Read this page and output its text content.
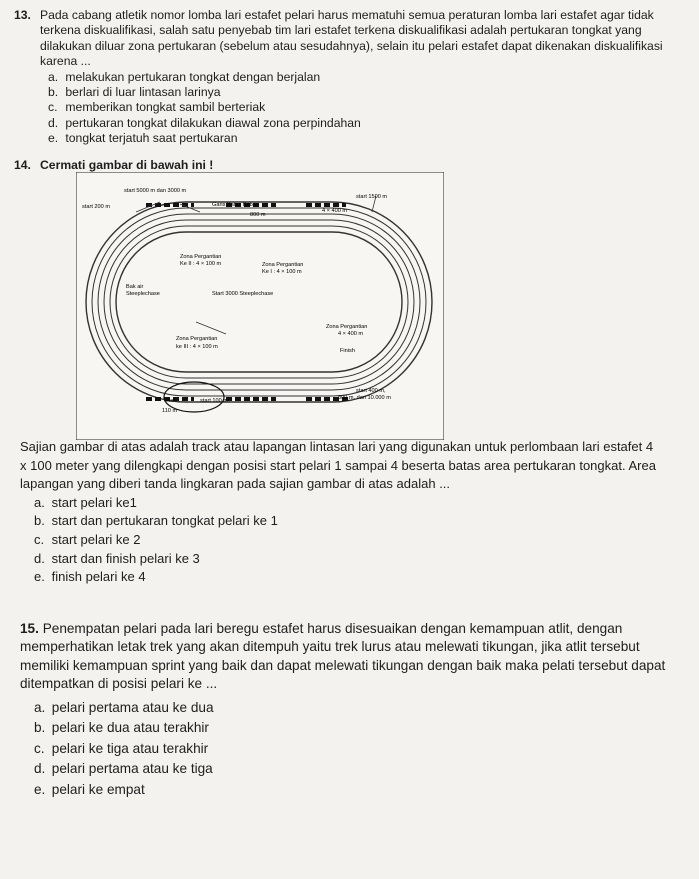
13. Pada cabang atletik nomor lomba lari estafet pelari harus mematuhi semua peraturan lomba lari estafet agar tidak terkena diskualifikasi, salah satu penyebab tim lari estafet terkena diskualifikasi adalah pertukaran tongkat yang dilakukan diluar zona pertukaran (sebelum atau sesudahnya), selain itu pelari estafet dapat dikenakan diskualifikasi karena ...
a. melakukan pertukaran tongkat dengan berjalan
b. berlari di luar lintasan larinya
c. memberikan tongkat sambil berteriak
d. pertukaran tongkat dilakukan diawal zona perpindahan
e. tongkat terjatuh saat pertukaran
14. Cermati gambar di bawah ini !
start 5000 m dan 3000 m
start 200 m	Garis Batas Bebas
800 m
4 × 400 m
start 1500 m
Zona Pergantian
Ke II : 4 × 100 m	Zona Pergantian
Ke I : 4 × 100 m
Bak air
Steeplechase	Start 3000 Steeplechase
Zona Pergantian
4 × 400 m
Zona Pergantian
ke III : 4 × 100 m
Finish
start
110 m
start 100 m
start 400 m,
800 m, dan 10.000 m
Sajian gambar di atas adalah track atau lapangan lintasan lari yang digunakan untuk perlombaan lari estafet 4 x 100 meter yang dilengkapi dengan posisi start pelari 1 sampai 4 beserta batas area pertukaran tongkat. Area lapangan yang diberi tanda lingkaran pada sajian gambar di atas adalah ...
a. start pelari ke1
b. start dan pertukaran tongkat pelari ke 1
c. start pelari ke 2
d. start dan finish pelari ke 3
e. finish pelari ke 4
15. Penempatan pelari pada lari beregu estafet harus disesuaikan dengan kemampuan atlit, dengan memperhatikan letak trek yang akan ditempuh yaitu trek lurus atau melewati tikungan, jika atlit tersebut memiliki kemampuan sprint yang baik dan dapat melewati tikungan dengan baik maka pelati tersebut dapat ditempatkan di posisi pelari ke ...
a. pelari pertama atau ke dua
b. pelari ke dua atau terakhir
c. pelari ke tiga atau terakhir
d. pelari pertama atau ke tiga
e. pelari ke empat
